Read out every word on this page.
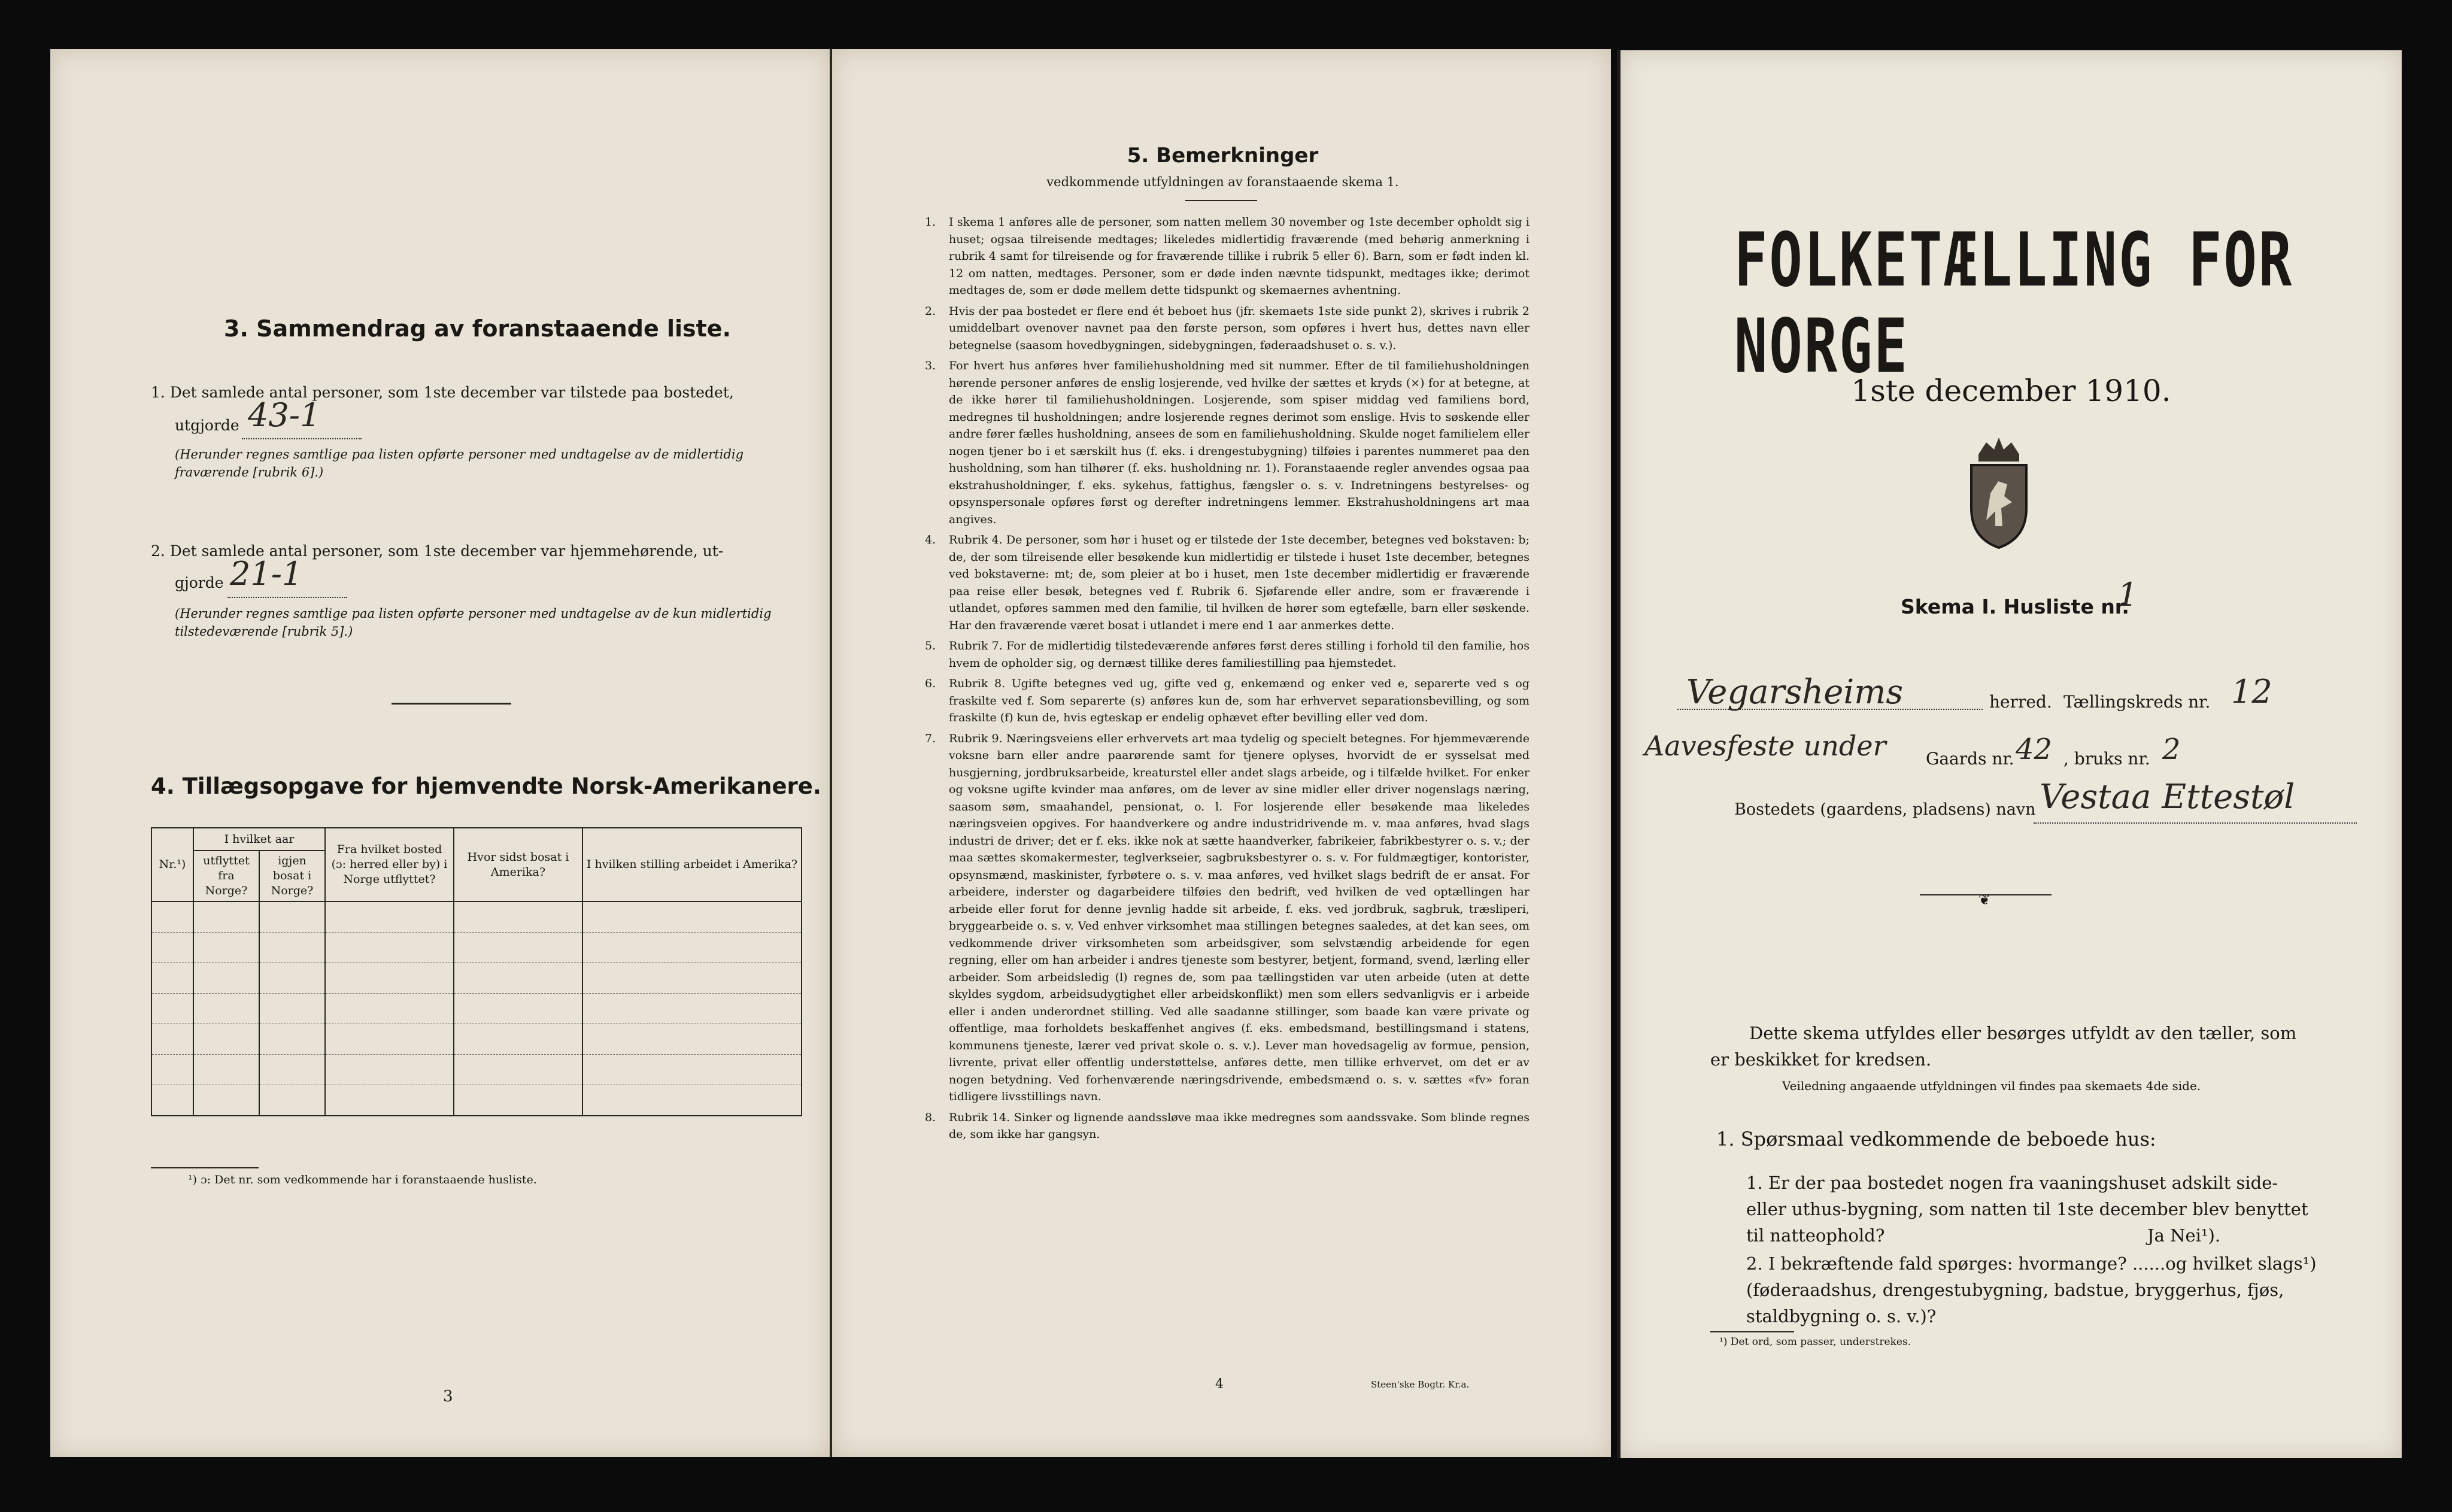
3. Sammendrag av foranstaaende liste.
1. Det samlede antal personer, som 1ste december var tilstede paa bostedet,
utgjorde 43-1
(Herunder regnes samtlige paa listen opførte personer med undtagelse av de midlertidig fraværende [rubrik 6].)
2. Det samlede antal personer, som 1ste december var hjemmehørende, ut-
gjorde 21-1
(Herunder regnes samtlige paa listen opførte personer med undtagelse av de kun midlertidig tilstedeværende [rubrik 5].)
4. Tillægsopgave for hjemvendte Norsk-Amerikanere.
Nr.¹)	I hvilket aar		Fra hvilket bosted (ɔ: herred eller by) i Norge utflyttet?	Hvor sidst bosat i Amerika?	I hvilken stilling arbeidet i Amerika?
	utflyttet fra Norge?	igjen bosat i Norge?			

¹) ɔ: Det nr. som vedkommende har i foranstaaende husliste.
3
5. Bemerkninger
vedkommende utfyldningen av foranstaaende skema 1.
1. I skema 1 anføres alle de personer, som natten mellem 30 november og 1ste december opholdt sig i huset; ogsaa tilreisende medtages; likeledes midlertidig fraværende (med behørig anmerkning i rubrik 4 samt for tilreisende og for fraværende tillike i rubrik 5 eller 6). Barn, som er født inden kl. 12 om natten, medtages. Personer, som er døde inden nævnte tidspunkt, medtages ikke; derimot medtages de, som er døde mellem dette tidspunkt og skemaernes avhentning.
2. Hvis der paa bostedet er flere end ét beboet hus (jfr. skemaets 1ste side punkt 2), skrives i rubrik 2 umiddelbart ovenover navnet paa den første person, som opføres i hvert hus, dettes navn eller betegnelse (saasom hovedbygningen, sidebygningen, føderaadshuset o. s. v.).
3. For hvert hus anføres hver familiehusholdning med sit nummer. Efter de til familiehusholdningen hørende personer anføres de enslig losjerende, ved hvilke der sættes et kryds (×) for at betegne, at de ikke hører til familiehusholdningen. Losjerende, som spiser middag ved familiens bord, medregnes til husholdningen; andre losjerende regnes derimot som enslige. Hvis to søskende eller andre fører fælles husholdning, ansees de som en familiehusholdning. Skulde noget familielem eller nogen tjener bo i et særskilt hus (f. eks. i drengestubygning) tilføies i parentes nummeret paa den husholdning, som han tilhører (f. eks. husholdning nr. 1). Foranstaaende regler anvendes ogsaa paa ekstrahusholdninger, f. eks. sykehus, fattighus, fængsler o. s. v. Indretningens bestyrelses- og opsynspersonale opføres først og derefter indretningens lemmer. Ekstrahusholdningens art maa angives.
4. Rubrik 4. De personer, som hør i huset og er tilstede der 1ste december, betegnes ved bokstaven: b; de, der som tilreisende eller besøkende kun midlertidig er tilstede i huset 1ste december, betegnes ved bokstaverne: mt; de, som pleier at bo i huset, men 1ste december midlertidig er fraværende paa reise eller besøk, betegnes ved f. Rubrik 6. Sjøfarende eller andre, som er fraværende i utlandet, opføres sammen med den familie, til hvilken de hører som egtefælle, barn eller søskende. Har den fraværende været bosat i utlandet i mere end 1 aar anmerkes dette.
5. Rubrik 7. For de midlertidig tilstedeværende anføres først deres stilling i forhold til den familie, hos hvem de opholder sig, og dernæst tillike deres familiestilling paa hjemstedet.
6. Rubrik 8. Ugifte betegnes ved ug, gifte ved g, enkemænd og enker ved e, separerte ved s og fraskilte ved f. Som separerte (s) anføres kun de, som har erhvervet separationsbevilling, og som fraskilte (f) kun de, hvis egteskap er endelig ophævet efter bevilling eller ved dom.
7. Rubrik 9. Næringsveiens eller erhvervets art maa tydelig og specielt betegnes. For hjemmeværende voksne barn eller andre paarørende samt for tjenere oplyses, hvorvidt de er sysselsat med husgjerning, jordbruksarbeide, kreaturstel eller andet slags arbeide, og i tilfælde hvilket. For enker og voksne ugifte kvinder maa anføres, om de lever av sine midler eller driver nogenslags næring, saasom søm, smaahandel, pensionat, o. l. For losjerende eller besøkende maa likeledes næringsveien opgives. For haandverkere og andre industridrivende m. v. maa anføres, hvad slags industri de driver; det er f. eks. ikke nok at sætte haandverker, fabrikeier, fabrikbestyrer o. s. v.; der maa sættes skomakermester, teglverkseier, sagbruksbestyrer o. s. v. For fuldmægtiger, kontorister, opsynsmænd, maskinister, fyrbøtere o. s. v. maa anføres, ved hvilket slags bedrift de er ansat. For arbeidere, inderster og dagarbeidere tilføies den bedrift, ved hvilken de ved optællingen har arbeide eller forut for denne jevnlig hadde sit arbeide, f. eks. ved jordbruk, sagbruk, træsliperi, bryggearbeide o. s. v. Ved enhver virksomhet maa stillingen betegnes saaledes, at det kan sees, om vedkommende driver virksomheten som arbeidsgiver, som selvstændig arbeidende for egen regning, eller om han arbeider i andres tjeneste som bestyrer, betjent, formand, svend, lærling eller arbeider. Som arbeidsledig (l) regnes de, som paa tællingstiden var uten arbeide (uten at dette skyldes sygdom, arbeidsudygtighet eller arbeidskonflikt) men som ellers sedvanligvis er i arbeide eller i anden underordnet stilling. Ved alle saadanne stillinger, som baade kan være private og offentlige, maa forholdets beskaffenhet angives (f. eks. embedsmand, bestillingsmand i statens, kommunens tjeneste, lærer ved privat skole o. s. v.). Lever man hovedsagelig av formue, pension, livrente, privat eller offentlig understøttelse, anføres dette, men tillike erhvervet, om det er av nogen betydning. Ved forhenværende næringsdrivende, embedsmænd o. s. v. sættes «fv» foran tidligere livsstillings navn.
8. Rubrik 14. Sinker og lignende aandssløve maa ikke medregnes som aandssvake. Som blinde regnes de, som ikke har gangsyn.
4	Steen'ske Bogtr. Kr.a.
FOLKETÆLLING FOR NORGE
1ste december 1910.
Skema I. Husliste nr.
1
Vegarsheims	herred. Tællingskreds nr. 12
Aavesfeste under Gaards nr. 42 , bruks nr. 2
Bostedets (gaardens, pladsens) navn Vestaa Ettestøl
❦
Dette skema utfyldes eller besørges utfyldt av den tæller, som er beskikket for kredsen.
Veiledning angaaende utfyldningen vil findes paa skemaets 4de side.
1. Spørsmaal vedkommende de beboede hus:
1. Er der paa bostedet nogen fra vaaningshuset adskilt side- eller uthus-bygning, som natten til 1ste december blev benyttet til natteophold?	Ja Nei¹).
2. I bekræftende fald spørges: hvormange? ......og hvilket slags¹) (føderaadshus, drengestubygning, badstue, bryggerhus, fjøs, staldbygning o. s. v.)?
¹) Det ord, som passer, understrekes.
